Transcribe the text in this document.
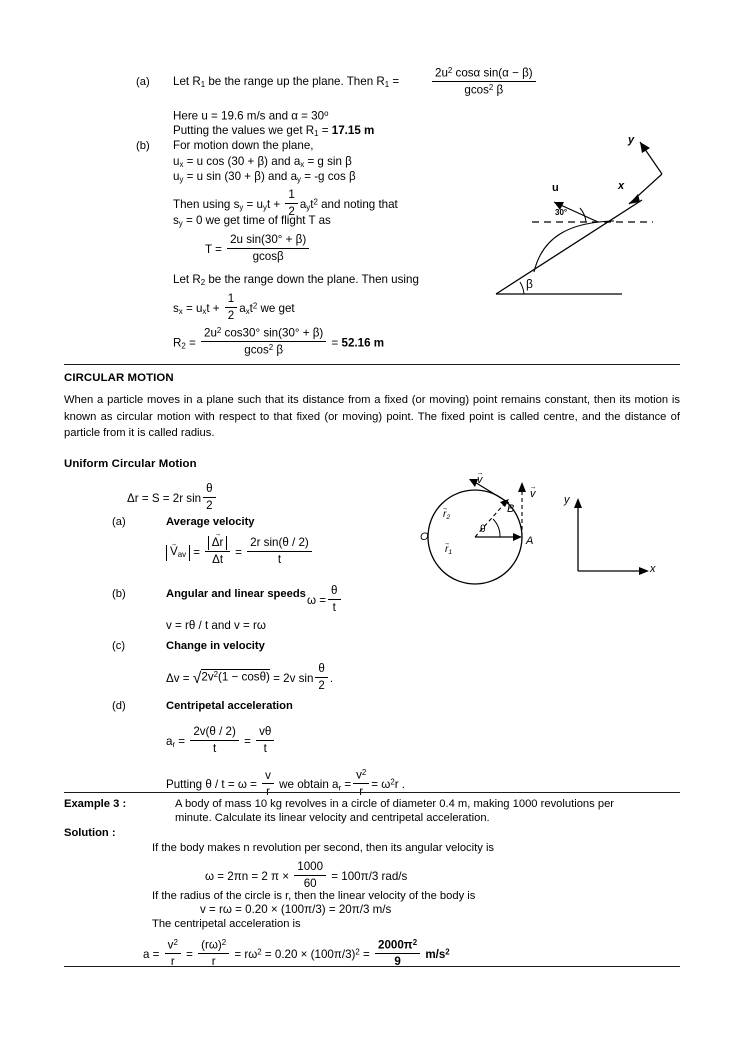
(a) Let $R_1$ be the range up the plane. Then $R_1$ =	$\frac{2u^2 \cos\alpha \sin(\alpha - \beta)}{gcos^2 \beta}$
Here u = 19.6 m/s and $\alpha = 30^o$
Putting the values we get $R_1 = 17.15$ m
(b) For motion down the plane,
$u_x = u$ cos (30 + β) and $a_x = g$ sin β
$u_y = u$ sin (30 + β) and $a_y = -g$ cos β
Then using $s_y = u_yt + \frac{1}{2} a_yt^2$ and noting that
$s_y = 0$ we get time of flight T as
$T = \frac{\text{2u sin(30° + β)}}{gcos\beta}$
Let $R_2$ be the range down the plane. Then using
$s_x = u_xt + \frac{1}{2} a_xt^2$ we get
$R_2 = \frac{2u^2 \cos 30^\circ \sin(30^\circ + \beta)}{gcos^2 \beta} = 52.16$ m
y
x
u
30°
β
CIRCULAR MOTION
When a particle moves in a plane such that its distance from a fixed (or moving) point remains constant, then its motion is known as circular motion with respect to that fixed (or moving) point. The fixed point is called centre, and the distance of particle from it is called radius.
Uniform Circular Motion
Δr = S = 2r $\sin \frac{\theta}{2}$
(a)	Average velocity
$V \to_{av} = \frac{\Delta r \to}{\Delta t} = \frac{\text{2r sin(θ / 2)}}{t}$
(b)	Angular and linear speeds $\omega = \frac{\theta}{t}$
v = rθ / t and v = rω
(c)	Change in velocity
$\Delta v = √2v^2(1 - \cos\theta) = 2v$ $\sin \frac{\theta}{2}$ .
(d)	Centripetal acceleration
$a_r = \frac{2v(\theta / 2)}{t} = \frac{v\theta}{t}$
Putting $\theta / t = \omega = \frac{v}{r}$ we obtain $a_r = \frac{v^2}{r} = \omega^2r$ .
O	A
B
$r \to_1$
$r \to_2$
θ
v →
v →	y
x
Example 3 :	A body of mass 10 kg revolves in a circle of diameter 0.4 m, making 1000 revolutions per
minute. Calculate its linear velocity and centripetal acceleration.
Solution :
If the body makes n revolution per second, then its angular velocity is
ω = 2πn = 2 $\pi \times \frac{1000}{60} = 100\pi/3$ rad/s
If the radius of the circle is r, then the linear velocity of the body is
v = rω = 0.20 × (100π/3) = 20π/3 m/s
The centripetal acceleration is
$a = \frac{v^2}{r} = \frac{(r\omega)^2}{r} = r\omega^2 = 0.20 \times (100\pi/3)^2 = \frac{2000\pi^2}{9} m/s^2$
